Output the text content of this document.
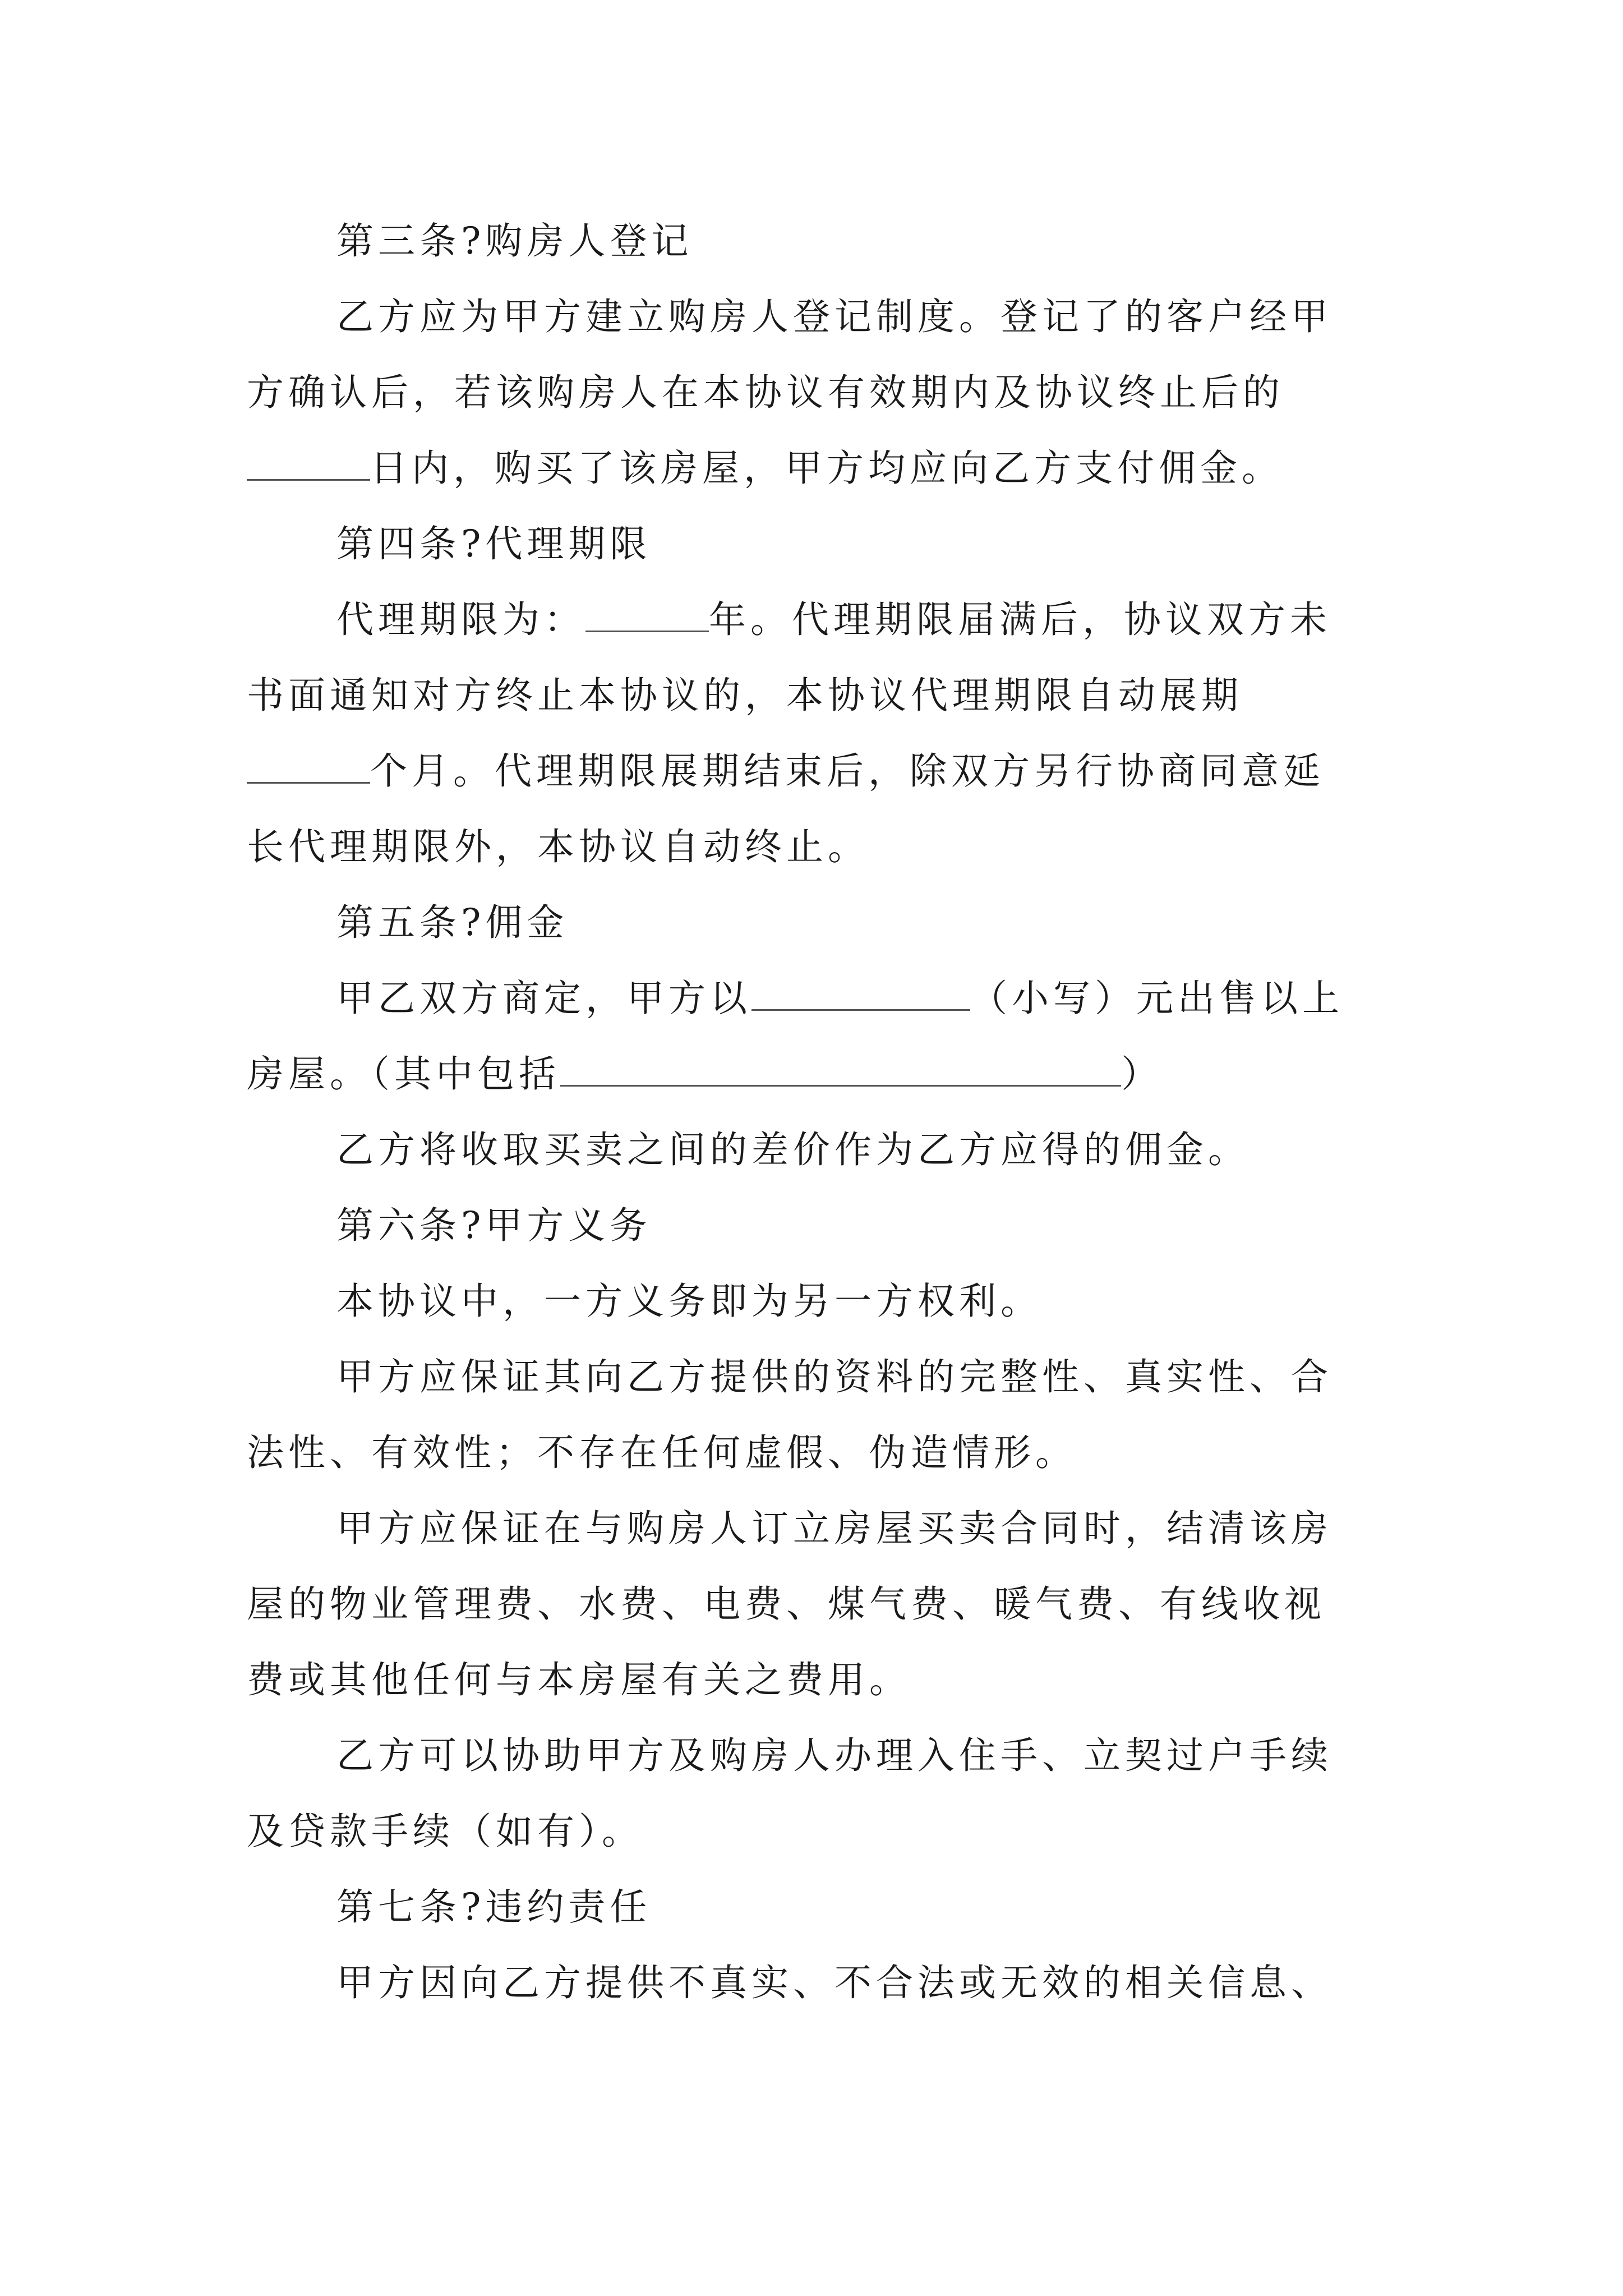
第三条?购房人登记
乙方应为甲方建立购房人登记制度。登记了的客户经甲
方确认后，若该购房人在本协议有效期内及协议终止后的
日内，购买了该房屋，甲方均应向乙方支付佣金。
第四条?代理期限
代理期限为：	年。代理期限届满后，协议双方未
书面通知对方终止本协议的，本协议代理期限自动展期
个月。代理期限展期结束后，除双方另行协商同意延
长代理期限外，本协议自动终止。
第五条?佣金
甲乙双方商定，甲方以	（小写）元出售以上
房屋。（其中包括	）
乙方将收取买卖之间的差价作为乙方应得的佣金。
第六条?甲方义务
本协议中，一方义务即为另一方权利。
甲方应保证其向乙方提供的资料的完整性、真实性、合
法性、有效性；不存在任何虚假、伪造情形。
甲方应保证在与购房人订立房屋买卖合同时，结清该房
屋的物业管理费、水费、电费、煤气费、暖气费、有线收视
费或其他任何与本房屋有关之费用。
乙方可以协助甲方及购房人办理入住手、立契过户手续
及贷款手续（如有）。
第七条?违约责任
甲方因向乙方提供不真实、不合法或无效的相关信息、
